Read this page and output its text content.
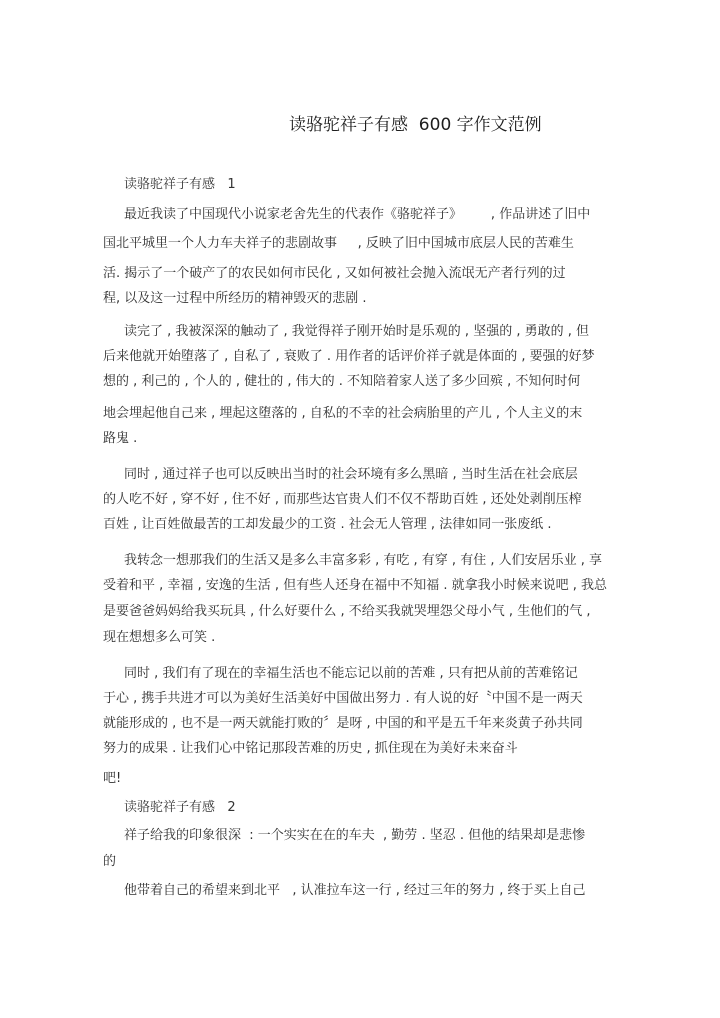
读骆驼祥子有感  600 字作文范例
读骆驼祥子有感   1
最近我读了中国现代小说家老舍先生的代表作《骆驼祥子》       , 作品讲述了旧中
国北平城里一个人力车夫祥子的悲剧故事     , 反映了旧中国城市底层人民的苦难生
活. 揭示了一个破产了的农民如何市民化 , 又如何被社会抛入流氓无产者行列的过
程, 以及这一过程中所经历的精神毁灭的悲剧 .
读完了 , 我被深深的触动了 , 我觉得祥子刚开始时是乐观的 , 坚强的 , 勇敢的 , 但
后来他就开始堕落了 , 自私了 , 衰败了 . 用作者的话评价祥子就是体面的 , 要强的好梦
想的 , 利己的 , 个人的 , 健壮的 , 伟大的 . 不知陪着家人送了多少回殡 , 不知何时何
地会埋起他自己来 , 埋起这堕落的 , 自私的不幸的社会病胎里的产儿 , 个人主义的末
路鬼 .
同时 , 通过祥子也可以反映出当时的社会环境有多么黑暗 , 当时生活在社会底层
的人吃不好 , 穿不好 , 住不好 , 而那些达官贵人们不仅不帮助百姓 , 还处处剥削压榨
百姓 , 让百姓做最苦的工却发最少的工资 . 社会无人管理 , 法律如同一张废纸 .
我转念一想那我们的生活又是多么丰富多彩 , 有吃 , 有穿 , 有住 , 人们安居乐业 , 享
受着和平 , 幸福 , 安逸的生活 , 但有些人还身在福中不知福 . 就拿我小时候来说吧 , 我总
是要爸爸妈妈给我买玩具 , 什么好要什么 , 不给买我就哭埋怨父母小气 , 生他们的气 ,
现在想想多么可笑 .
同时 , 我们有了现在的幸福生活也不能忘记以前的苦难 , 只有把从前的苦难铭记
于心 , 携手共进才可以为美好生活美好中国做出努力 . 有人说的好〝中国不是一两天
就能形成的 , 也不是一两天就能打败的〞是呀 , 中国的和平是五千年来炎黄子孙共同
努力的成果 . 让我们心中铭记那段苦难的历史 , 抓住现在为美好未来奋斗
吧!
读骆驼祥子有感   2
祥子给我的印象很深  : 一个实实在在的车夫  , 勤劳 . 坚忍 . 但他的结果却是悲惨
的
他带着自己的希望来到北平   , 认准拉车这一行 , 经过三年的努力 , 终于买上自己
